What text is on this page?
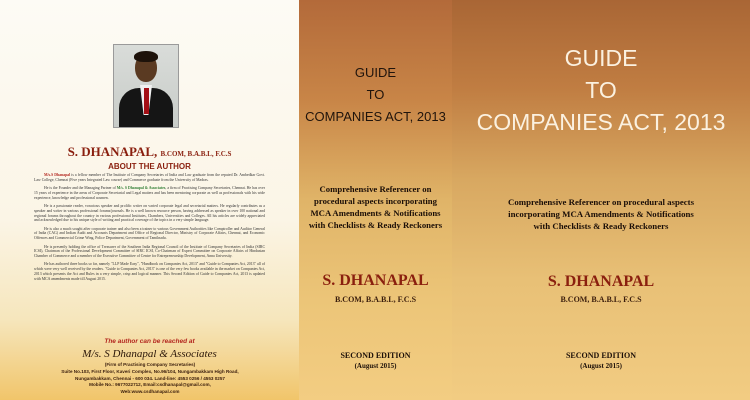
S. DHANAPAL, B.COM, B.A.B.L, F.C.S
ABOUT THE AUTHOR

M/s.S Dhanapal is a fellow member of The Institute of Company Secretaries of India and Law graduate from the reputed Dr. Ambedkar Govt. Law College, Chennai (Five years Integrated Law course) and Commerce graduate from the University of Madras.

He is the Founder and the Managing Partner of M/s. S Dhanapal & Associates, a firm of Practising Company Secretaries, Chennai. He has over 15 years of experience in the areas of Corporate Secretarial and Legal matters and has been mentoring corporate as well as professionals with his wide experience, knowledge and professional acumen.

He is a passionate reader, voracious speaker and prolific writer on varied corporate legal and secretarial matters. He regularly contributes as a speaker and writer in various professional forums/journals. He is a well known resource person, having addressed as speaker in over 100 national and regional forums throughout the country in various professional Institutes, Chambers, Universities and Colleges. All his articles are widely appreciated and acknowledged due to his unique style of writing and practical coverage of the topics in a very simple language.

He is also a much sought after corporate trainer and also been a trainer to various Government Authorities like Comptroller and Auditor General of India (CAG) and Indian Audit and Accounts Department and Office of Regional Director, Ministry of Corporate Affairs, Chennai, and Economic Offences and Commercial Crime Wing, Police Department, Government of Tamilnadu.

He is presently holding the office of Treasurer of the Southern India Regional Council of the Institute of Company Secretaries of India (SIRC ICSI), Chairman of the Professional Development Committee of SIRC ICSI, Co-Chairman of Expert Committee on Corporate Affairs of Hindustan Chamber of Commerce and a member of the Executive Committee of Centre for Entrepreneurship Development, Anna University.

He has authored three books so far, namely "LLP Made Easy", "Handbook on Companies Act, 2013" and "Guide to Companies Act, 2013" all of which were very well received by the readers. "Guide to Companies Act, 2013" is one of the very few books available in the market on Companies Act, 2013 which presents the Act and Rules in a very simple, crisp and logical manner. This Second Edition of Guide to Companies Act, 2013 is updated with MCA amendments made till August 2015.

The author can be reached at
M/s. S Dhanapal & Associates
(Firm of Practising Company Secretaries)
Suite No.103, First Floor, Kaveri Complex, No.96/104, Nungambakkam High Road,
Nungambakkam, Chennai - 600 034. Land-line: 4553 0256 / 4553 0257
Mobile No.: 9677022712, Email:csdhanapal@gmail.com, Web:www.csdhanapal.com
GUIDE
TO
COMPANIES ACT, 2013
Comprehensive Referencer on
procedural aspects incorporating
MCA Amendments & Notifications
with Checklists & Ready Reckoners
S. DHANAPAL
B.COM, B.A.B.L, F.C.S
SECOND EDITION
(August 2015)
GUIDE
TO
COMPANIES ACT, 2013
Comprehensive Referencer on procedural aspects
incorporating MCA Amendments & Notifications
with Checklists & Ready Reckoners
S. DHANAPAL
B.COM, B.A.B.L, F.C.S
SECOND EDITION
(August 2015)
